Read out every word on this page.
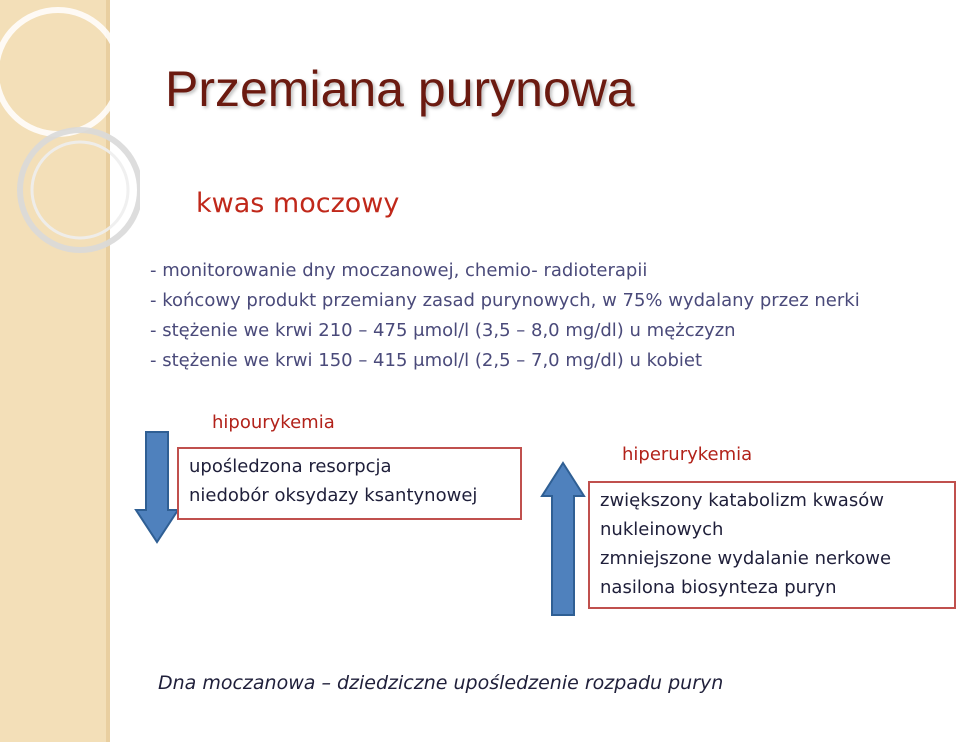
Przemiana purynowa
kwas moczowy
- monitorowanie dny moczanowej, chemio- radioterapii
- końcowy produkt przemiany zasad purynowych, w 75% wydalany przez nerki
- stężenie we krwi 210 – 475 μmol/l (3,5 – 8,0 mg/dl) u mężczyzn
- stężenie we krwi 150 – 415 μmol/l (2,5 – 7,0 mg/dl) u kobiet
hipourykemia
upośledzona resorpcja
niedobór oksydazy ksantynowej
hiperurykemia
zwiększony katabolizm kwasów
nukleinowych
zmniejszone wydalanie nerkowe
nasilona biosynteza puryn
Dna moczanowa – dziedziczne upośledzenie rozpadu puryn
